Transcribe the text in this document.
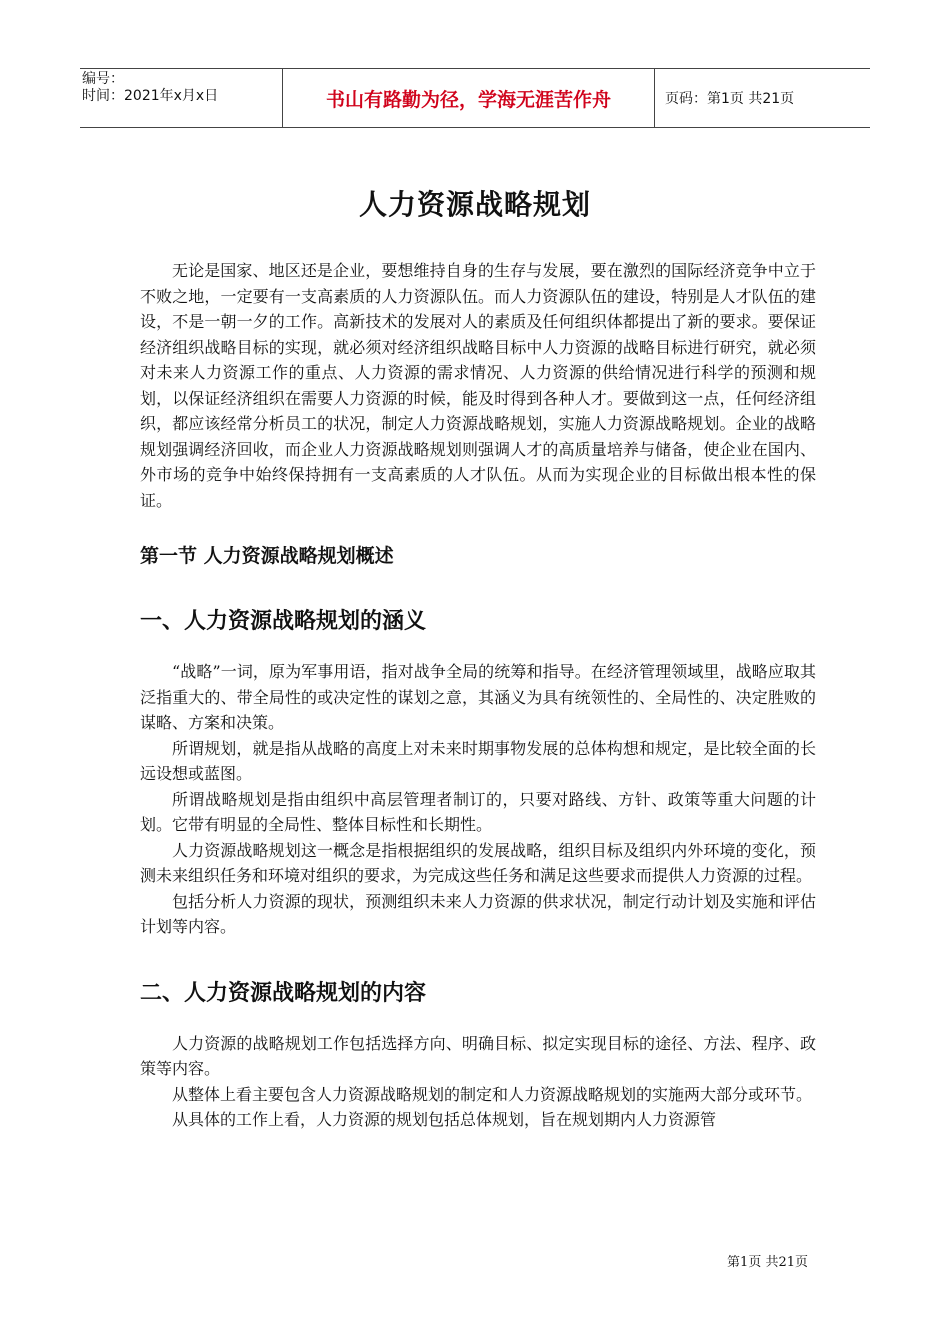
编号：
时间：2021年x月x日	书山有路勤为径，学海无涯苦作舟	页码：第1页 共21页
人力资源战略规划

无论是国家、地区还是企业，要想维持自身的生存与发展，要在激烈的国际经济竞争中立于不败之地，一定要有一支高素质的人力资源队伍。而人力资源队伍的建设，特别是人才队伍的建设，不是一朝一夕的工作。高新技术的发展对人的素质及任何组织体都提出了新的要求。要保证经济组织战略目标的实现，就必须对经济组织战略目标中人力资源的战略目标进行研究，就必须对未来人力资源工作的重点、人力资源的需求情况、人力资源的供给情况进行科学的预测和规划，以保证经济组织在需要人力资源的时候，能及时得到各种人才。要做到这一点，任何经济组织，都应该经常分析员工的状况，制定人力资源战略规划，实施人力资源战略规划。企业的战略规划强调经济回收，而企业人力资源战略规划则强调人才的高质量培养与储备，使企业在国内、外市场的竞争中始终保持拥有一支高素质的人才队伍。从而为实现企业的目标做出根本性的保证。

第一节 人力资源战略规划概述
一、人力资源战略规划的涵义

“战略”一词，原为军事用语，指对战争全局的统筹和指导。在经济管理领域里，战略应取其泛指重大的、带全局性的或决定性的谋划之意，其涵义为具有统领性的、全局性的、决定胜败的谋略、方案和决策。

所谓规划，就是指从战略的高度上对未来时期事物发展的总体构想和规定，是比较全面的长远设想或蓝图。

所谓战略规划是指由组织中高层管理者制订的，只要对路线、方针、政策等重大问题的计划。它带有明显的全局性、整体目标性和长期性。

人力资源战略规划这一概念是指根据组织的发展战略，组织目标及组织内外环境的变化，预测未来组织任务和环境对组织的要求，为完成这些任务和满足这些要求而提供人力资源的过程。

包括分析人力资源的现状，预测组织未来人力资源的供求状况，制定行动计划及实施和评估计划等内容。

二、人力资源战略规划的内容

人力资源的战略规划工作包括选择方向、明确目标、拟定实现目标的途径、方法、程序、政策等内容。

从整体上看主要包含人力资源战略规划的制定和人力资源战略规划的实施两大部分或环节。

从具体的工作上看，人力资源的规划包括总体规划，旨在规划期内人力资源管

第1页 共21页
